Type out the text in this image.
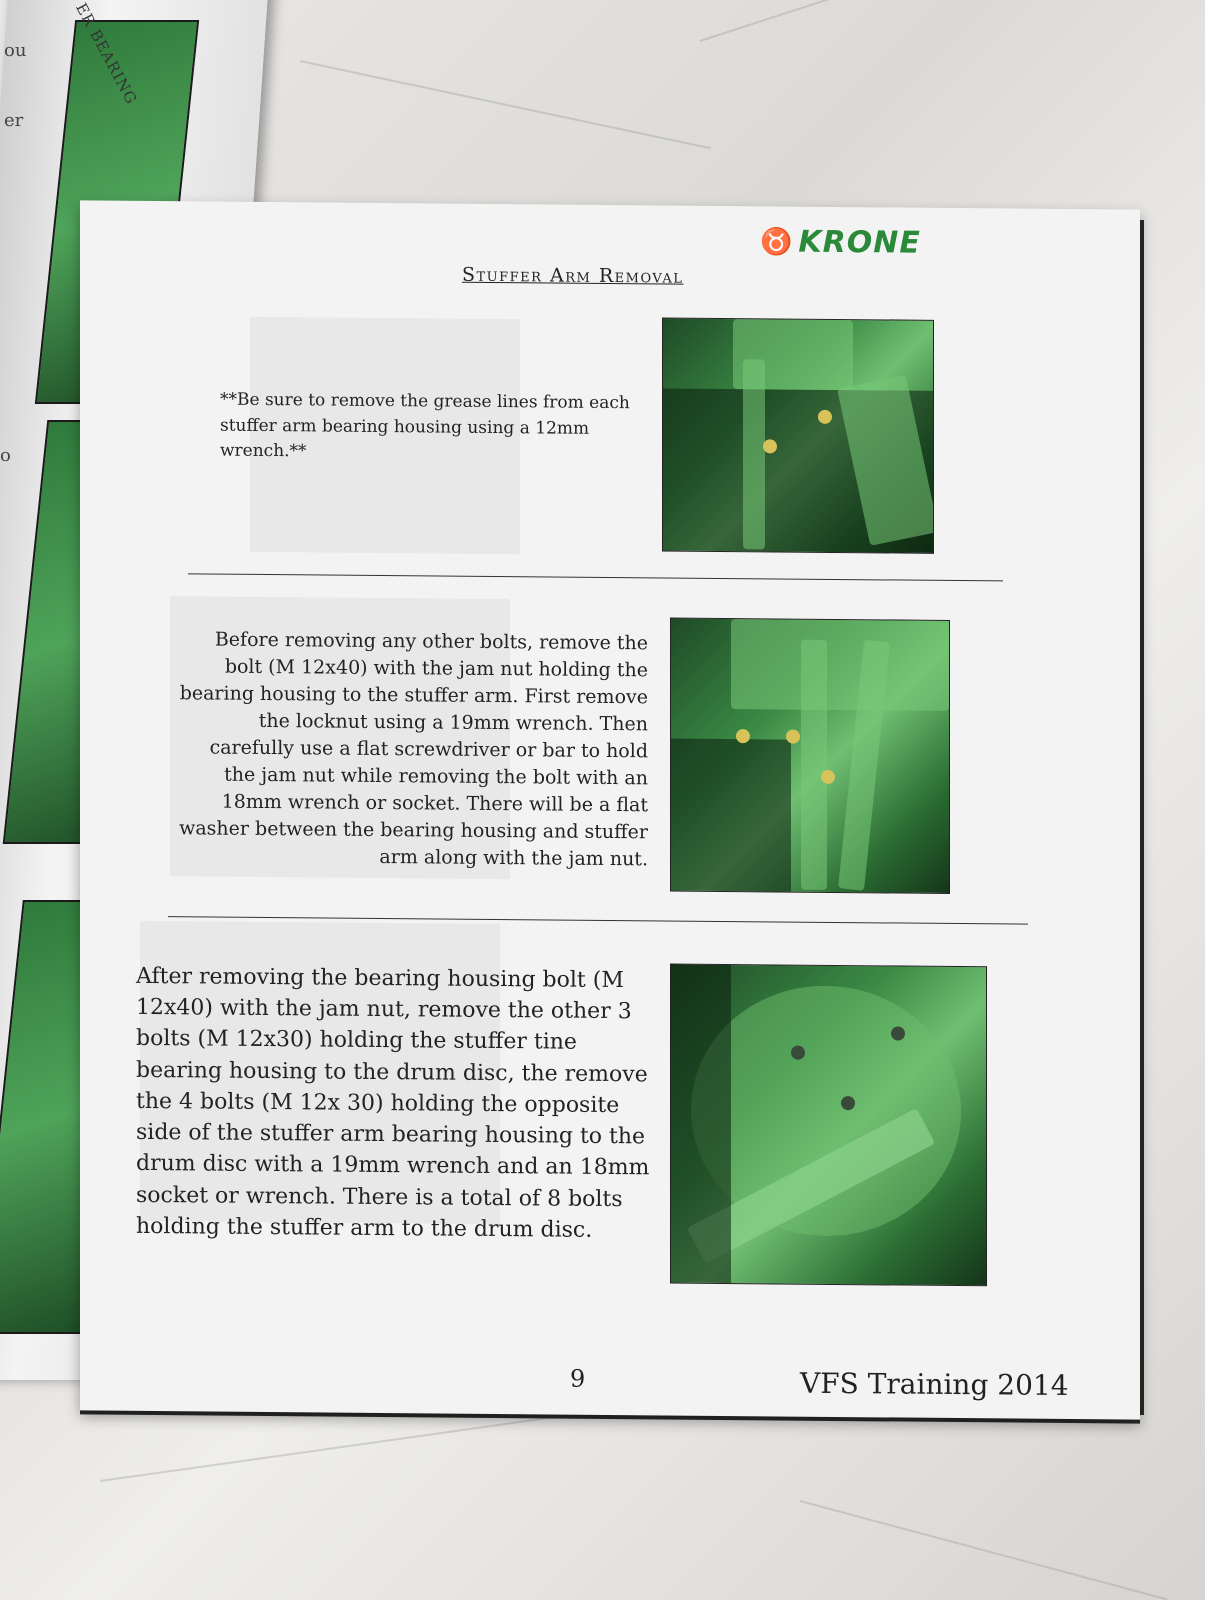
ER BEARING
ou
er
o
♉ KRONE
Stuffer Arm Removal
**Be sure to remove the grease lines from each stuffer arm bearing housing using a 12mm wrench.**
Before removing any other bolts, remove the bolt (M 12x40) with the jam nut holding the bearing housing to the stuffer arm. First remove the locknut using a 19mm wrench. Then carefully use a flat screwdriver or bar to hold the jam nut while removing the bolt with an 18mm wrench or socket. There will be a flat washer between the bearing housing and stuffer arm along with the jam nut.
After removing the bearing housing bolt (M 12x40) with the jam nut, remove the other 3 bolts (M 12x30) holding the stuffer tine bearing housing to the drum disc, the remove the 4 bolts (M 12x 30) holding the opposite side of the stuffer arm bearing housing to the drum disc with a 19mm wrench and an 18mm socket or wrench. There is a total of 8 bolts holding the stuffer arm to the drum disc.
9	VFS Training 2014
